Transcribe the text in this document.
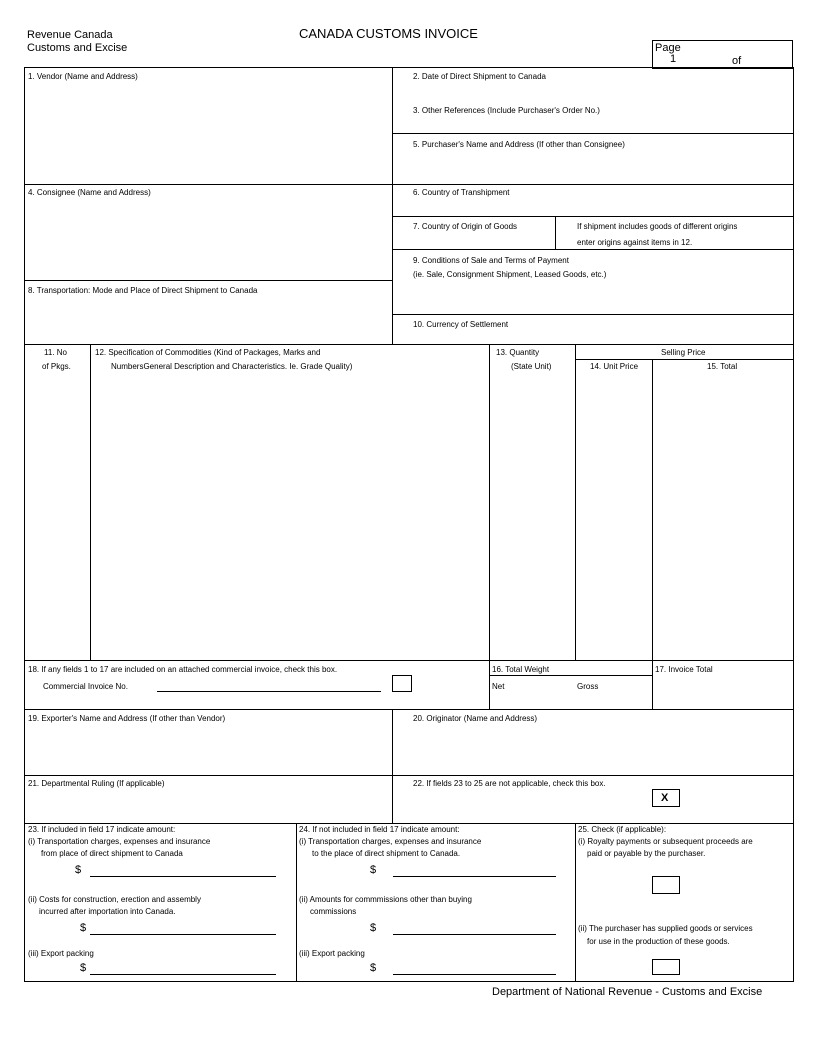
Revenue Canada
Customs and Excise
CANADA CUSTOMS INVOICE
Page
1	of
1. Vendor (Name and Address)	2. Date of Direct Shipment to Canada
3. Other References (Include Purchaser's Order No.)
5. Purchaser's Name and Address (If other than Consignee)
4. Consignee (Name and Address)	6. Country of Transhipment
7. Country of Origin of Goods	If shipment includes goods of different origins
enter origins against items in 12.
9. Conditions of Sale and Terms of Payment
(ie. Sale, Consignment Shipment, Leased Goods, etc.)
8. Transportation: Mode and Place of Direct Shipment to Canada
10. Currency of Settlement
11. No
of Pkgs.
12. Specification of Commodities (Kind of Packages, Marks and
NumbersGeneral Description and Characteristics. Ie. Grade Quality)
13. Quantity
(State Unit)
Selling Price
14. Unit Price	15. Total
18. If any fields 1 to 17 are included on an attached commercial invoice, check this box.
Commercial Invoice No.
16. Total Weight
Net	Gross
17. Invoice Total
19. Exporter's Name and Address (If other than Vendor)	20. Originator (Name and Address)
21. Departmental Ruling (If applicable)	22. If fields 23 to 25 are not applicable, check this box.
X
23. If included in field 17 indicate amount:
(i) Transportation charges, expenses and insurance
from place of direct shipment to Canada
$
(ii) Costs for construction, erection and assembly
incurred after importation into Canada.
$
(iii) Export packing
$
24. If not included in field 17 indicate amount:
(i) Transportation charges, expenses and insurance
to the place of direct shipment to Canada.
$
(ii) Amounts for commmissions other than buying
commissions
$
(iii) Export packing
$
25. Check (if applicable):
(i) Royalty payments or subsequent proceeds are
paid or payable by the purchaser.
(ii) The purchaser has supplied goods or services
for use in the production of these goods.
Department of National Revenue - Customs and Excise
